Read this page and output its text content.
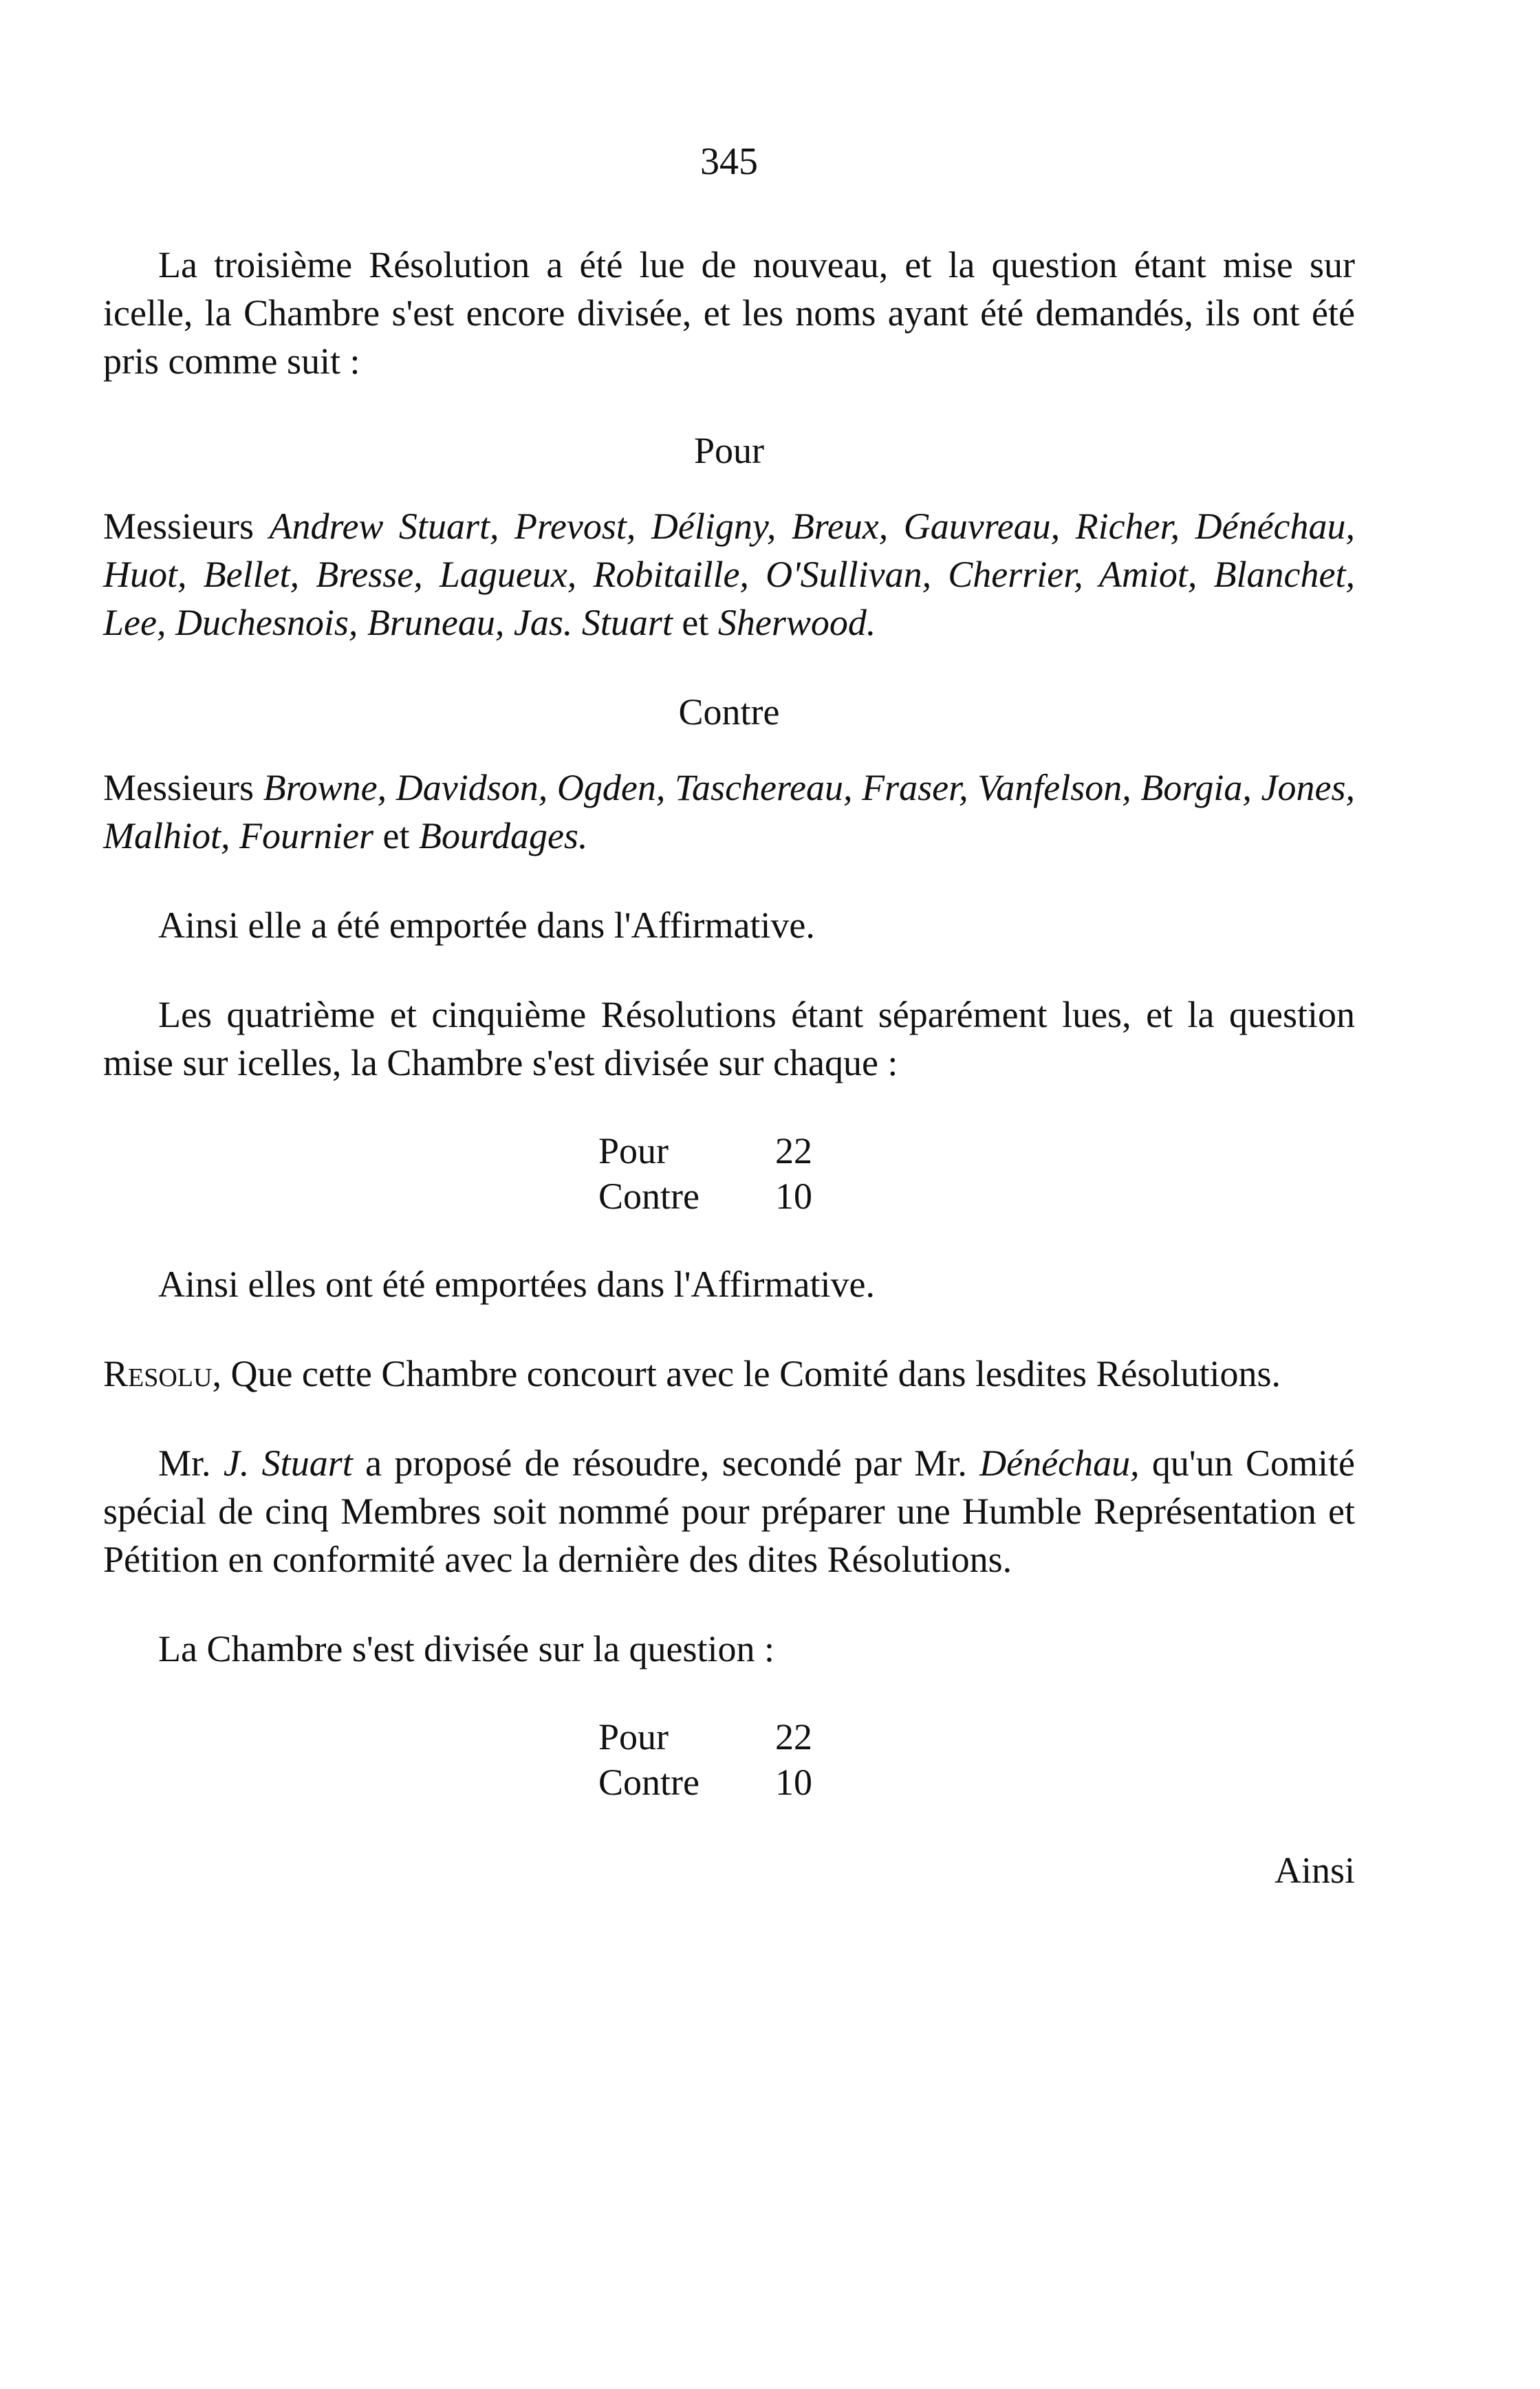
345

La troisième Résolution a été lue de nouveau, et la question étant mise sur icelle, la Chambre s'est encore divisée, et les noms ayant été demandés, ils ont été pris comme suit :

Pour

Messieurs Andrew Stuart, Prevost, Déligny, Breux, Gauvreau, Richer, Dénéchau, Huot, Bellet, Bresse, Lagueux, Robitaille, O'Sullivan, Cherrier, Amiot, Blanchet, Lee, Duchesnois, Bruneau, Jas. Stuart et Sherwood.

Contre

Messieurs Browne, Davidson, Ogden, Taschereau, Fraser, Vanfelson, Borgia, Jones, Malhiot, Fournier et Bourdages.

Ainsi elle a été emportée dans l'Affirmative.

Les quatrième et cinquième Résolutions étant séparément lues, et la question mise sur icelles, la Chambre s'est divisée sur chaque :

Pour	22
Contre	10

Ainsi elles ont été emportées dans l'Affirmative.

Resolu, Que cette Chambre concourt avec le Comité dans lesdites Résolutions.

Mr. J. Stuart a proposé de résoudre, secondé par Mr. Dénéchau, qu'un Comité spécial de cinq Membres soit nommé pour préparer une Humble Représentation et Pétition en conformité avec la dernière des dites Résolutions.

La Chambre s'est divisée sur la question :

Pour	22
Contre	10
Ainsi
